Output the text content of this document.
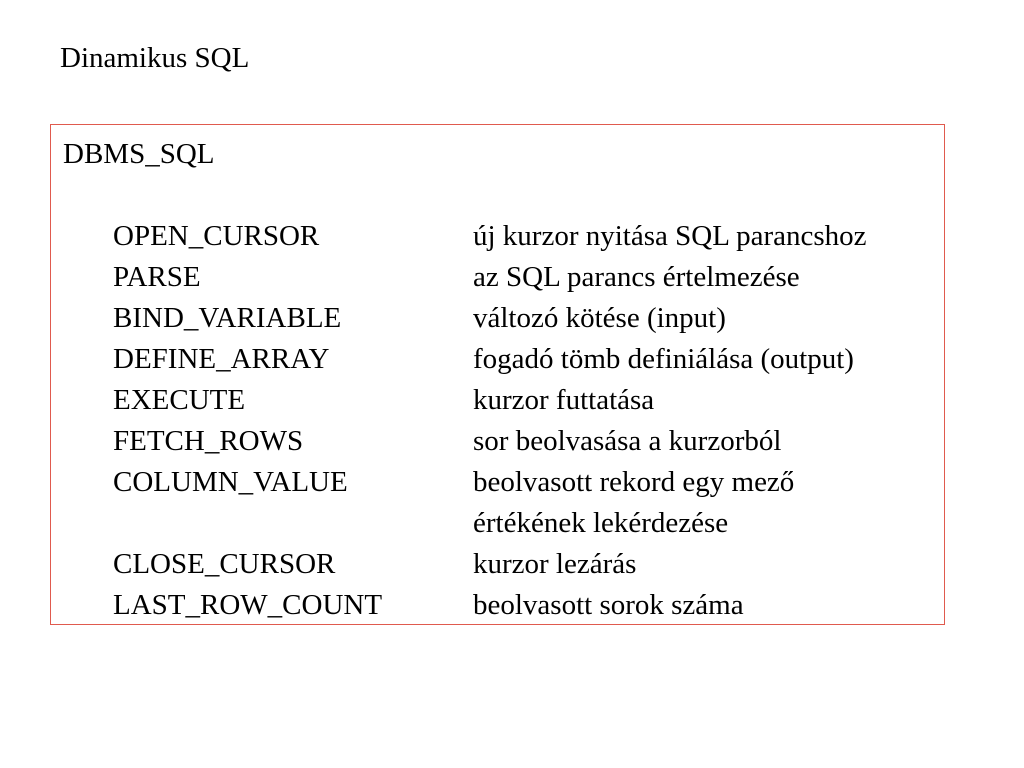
Dinamikus SQL
DBMS_SQL
OPEN_CURSOR	új kurzor nyitása SQL parancshoz
PARSE	az SQL parancs értelmezése
BIND_VARIABLE	változó kötése (input)
DEFINE_ARRAY	fogadó tömb definiálása (output)
EXECUTE	kurzor futtatása
FETCH_ROWS	sor beolvasása a kurzorból
COLUMN_VALUE	beolvasott rekord egy mező
értékének lekérdezése
CLOSE_CURSOR	kurzor lezárás
LAST_ROW_COUNT	beolvasott sorok száma
